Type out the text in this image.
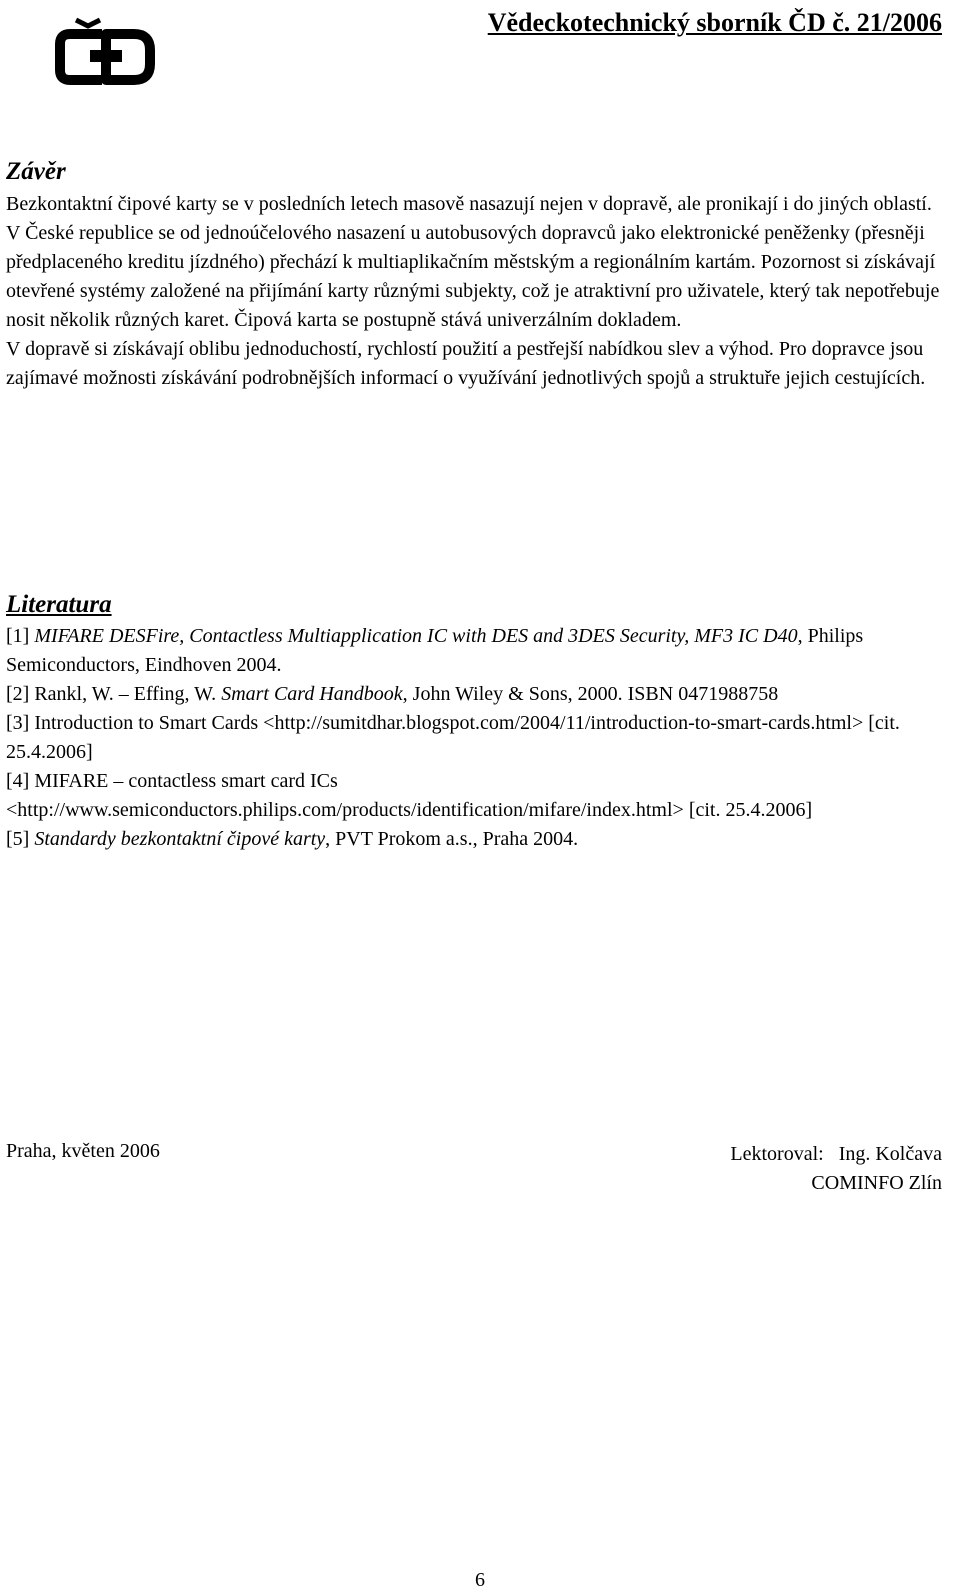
Vědeckotechnický sborník ČD č. 21/2006
Závěr

Bezkontaktní čipové karty se v posledních letech masově nasazují nejen v dopravě, ale pronikají i do jiných oblastí. V České republice se od jednoúčelového nasazení u autobusových dopravců jako elektronické peněženky (přesněji předplaceného kreditu jízdného) přechází k multiaplikačním městským a regionálním kartám. Pozornost si získávají otevřené systémy založené na přijímání karty různými subjekty, což je atraktivní pro uživatele, který tak nepotřebuje nosit několik různých karet. Čipová karta se postupně stává univerzálním dokladem.

V dopravě si získávají oblibu jednoduchostí, rychlostí použití a pestřejší nabídkou slev a výhod. Pro dopravce jsou zajímavé možnosti získávání podrobnějších informací o využívání jednotlivých spojů a struktuře jejich cestujících.

Literatura

[1] MIFARE DESFire, Contactless Multiapplication IC with DES and 3DES Security, MF3 IC D40, Philips Semiconductors, Eindhoven 2004.

[2] Rankl, W. – Effing, W. Smart Card Handbook, John Wiley & Sons, 2000. ISBN 0471988758

[3] Introduction to Smart Cards <http://sumitdhar.blogspot.com/2004/11/introduction-to-smart-cards.html> [cit. 25.4.2006]

[4] MIFARE – contactless smart card ICs <http://www.semiconductors.philips.com/products/identification/mifare/index.html> [cit. 25.4.2006]

[5] Standardy bezkontaktní čipové karty, PVT Prokom a.s., Praha 2004.

Praha, květen 2006	Lektoroval:   Ing. Kolčava
COMINFO Zlín
6
